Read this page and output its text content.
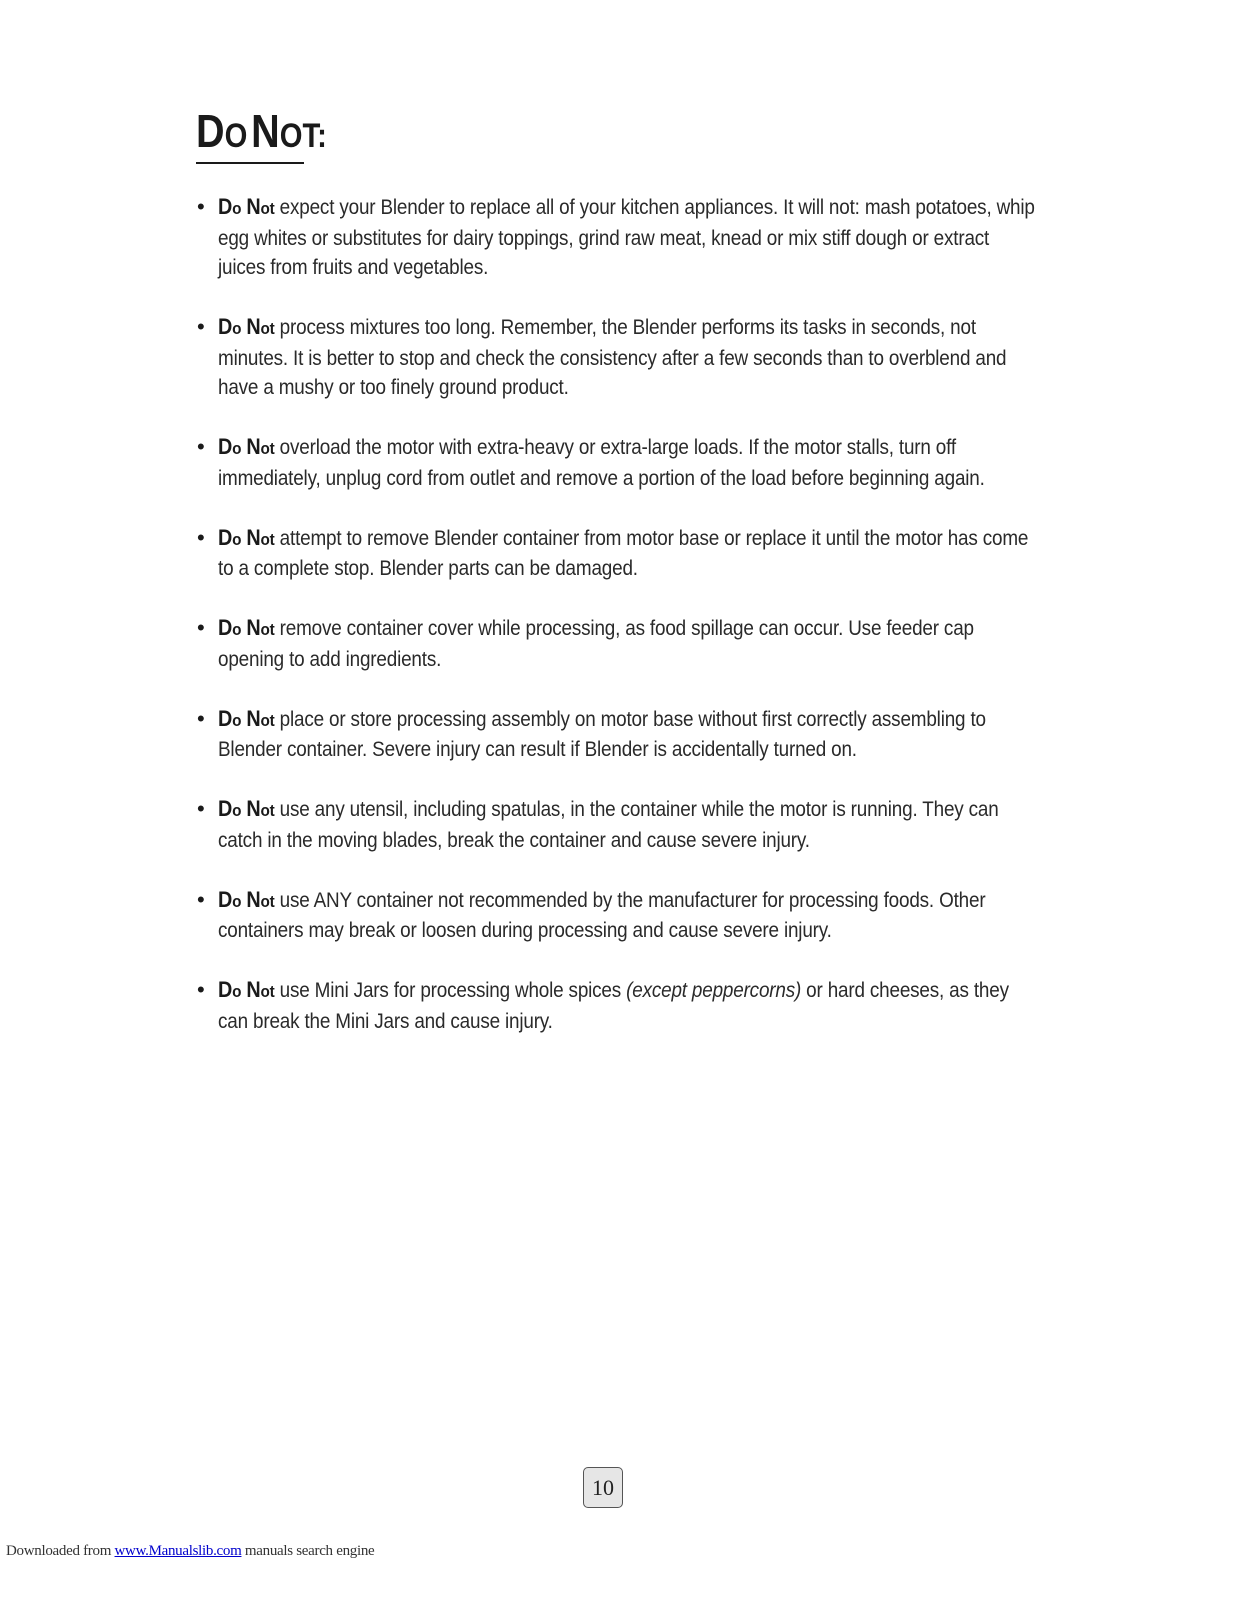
DO NOT:
• Do Not expect your Blender to replace all of your kitchen appliances. It will not: mash potatoes, whip egg whites or substitutes for dairy toppings, grind raw meat, knead or mix stiff dough or extract juices from fruits and vegetables.
• Do Not process mixtures too long. Remember, the Blender performs its tasks in seconds, not minutes. It is better to stop and check the consistency after a few seconds than to overblend and have a mushy or too finely ground product.
• Do Not overload the motor with extra-heavy or extra-large loads. If the motor stalls, turn off immediately, unplug cord from outlet and remove a portion of the load before beginning again.
• Do Not attempt to remove Blender container from motor base or replace it until the motor has come to a complete stop. Blender parts can be damaged.
• Do Not remove container cover while processing, as food spillage can occur. Use feeder cap opening to add ingredients.
• Do Not place or store processing assembly on motor base without first correctly assembling to Blender container. Severe injury can result if Blender is accidentally turned on.
• Do Not use any utensil, including spatulas, in the container while the motor is running. They can catch in the moving blades, break the container and cause severe injury.
• Do Not use ANY container not recommended by the manufacturer for processing foods. Other containers may break or loosen during processing and cause severe injury.
• Do Not use Mini Jars for processing whole spices (except peppercorns) or hard cheeses, as they can break the Mini Jars and cause injury.
10
Downloaded from www.Manualslib.com manuals search engine
